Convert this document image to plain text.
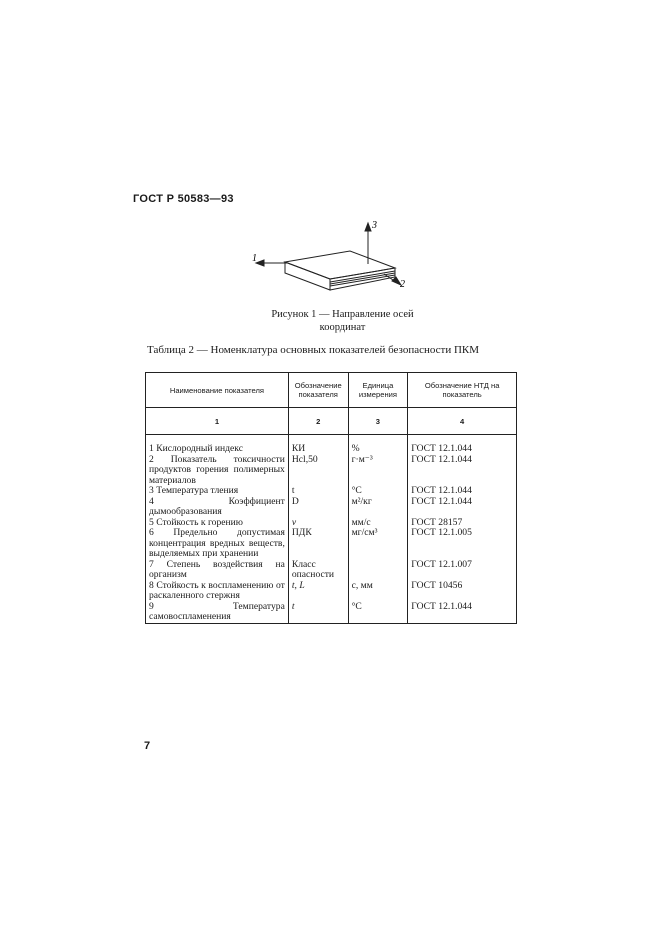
ГОСТ Р 50583—93
1
2
3
Рисунок 1 — Направление осей координат
Таблица 2 — Номенклатура основных показателей безопасности ПКМ
Наименование показателя	Обозначение показателя	Единица измерения	Обозначение НТД на показатель
1	2	3	4

1 Кислородный индекс	КИ	%	ГОСТ 12.1.044
2 Показатель токсичности продуктов горения полимерных материалов	Hcl,50	г·м⁻³	ГОСТ 12.1.044
3 Температура тления	t	°С	ГОСТ 12.1.044
4 Коэффициент дымообразования	D	м²/кг	ГОСТ 12.1.044
5 Стойкость к горению	v	мм/с	ГОСТ 28157
6 Предельно допустимая концентрация вредных веществ, выделяемых при хранении	ПДК	мг/см³	ГОСТ 12.1.005
7 Степень воздействия на организм	Класс опасности		ГОСТ 12.1.007
8 Стойкость к воспламенению от раскаленного стержня	t, L	с, мм	ГОСТ 10456
9 Температура самовоспламенения	t	°С	ГОСТ 12.1.044
7
